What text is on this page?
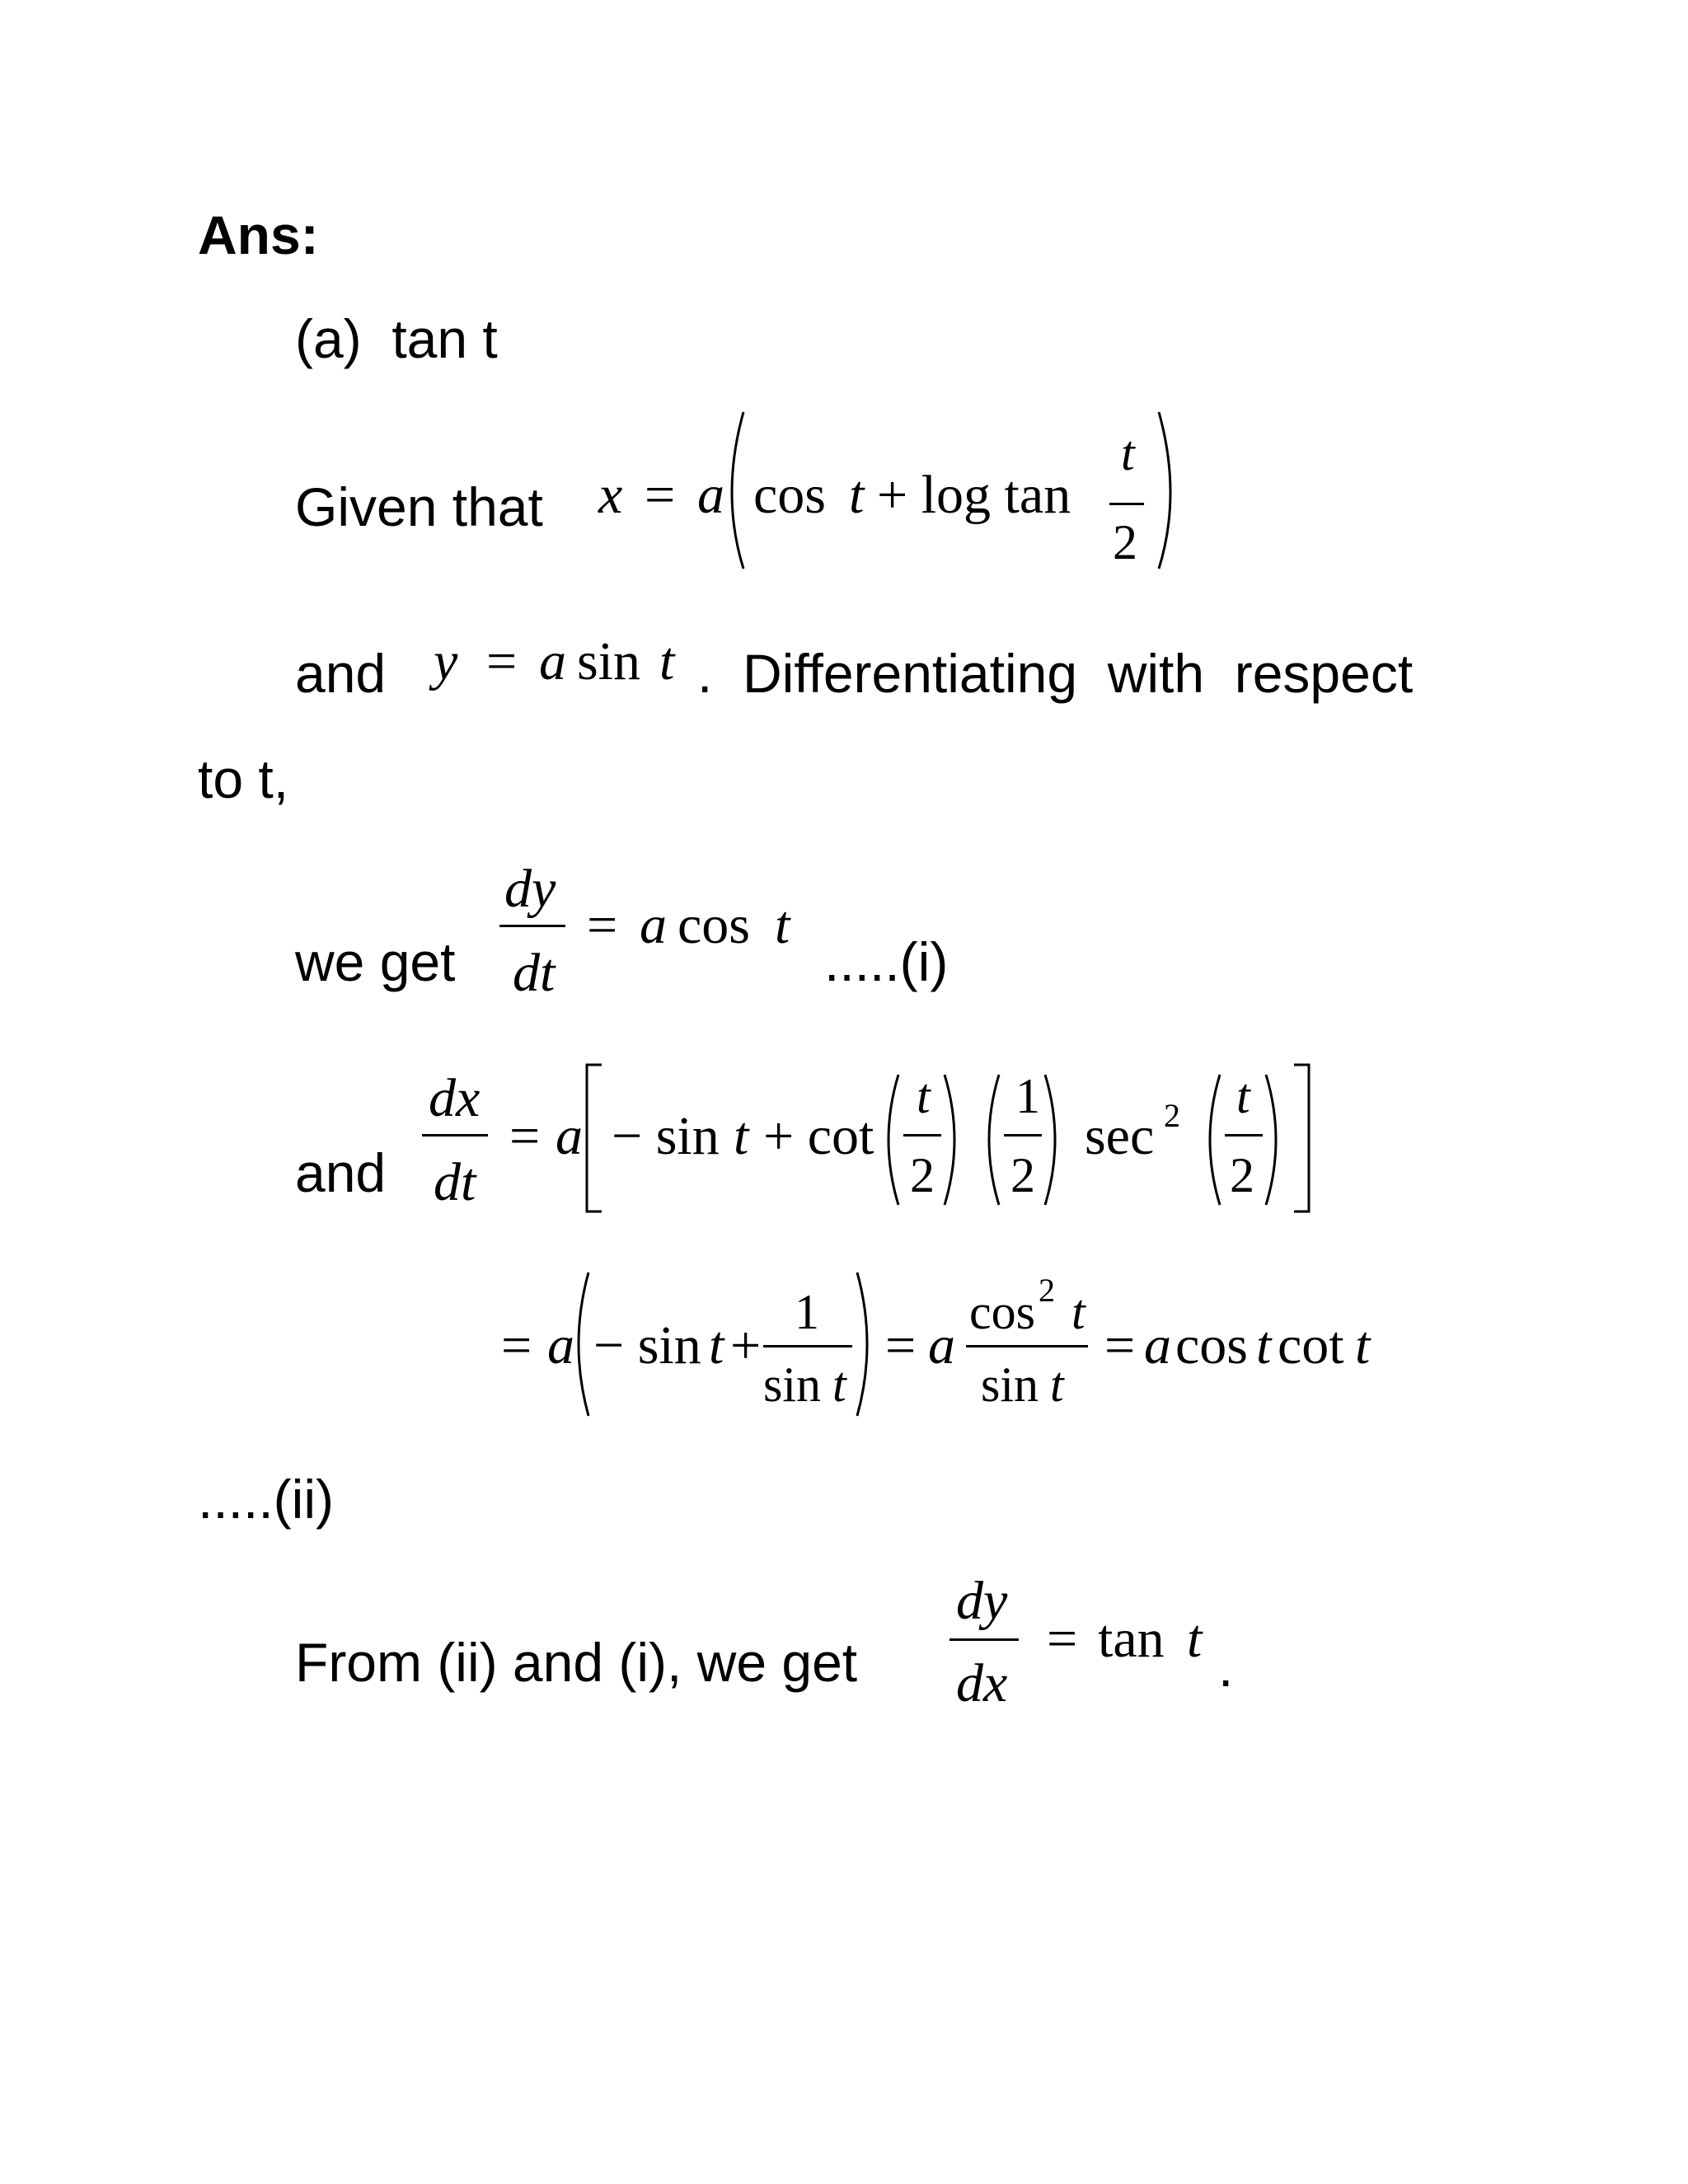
Ans:
(a)  tan t
Given that x = a cos t + log tan
t
2
and y = a sin t .  Differentiating  with  respect
to t,
we get
dy
dt
= a cos t
.....(i)
and
dx
dt
= a − sin t + cot
t
2
1
2
sec 2 t
2
= a − sin t +
1
sin t
= a
cos 2 t
sin t
= a cos t cot t
.....(ii)
From (ii) and (i), we get
dy
dx
= tan t .
